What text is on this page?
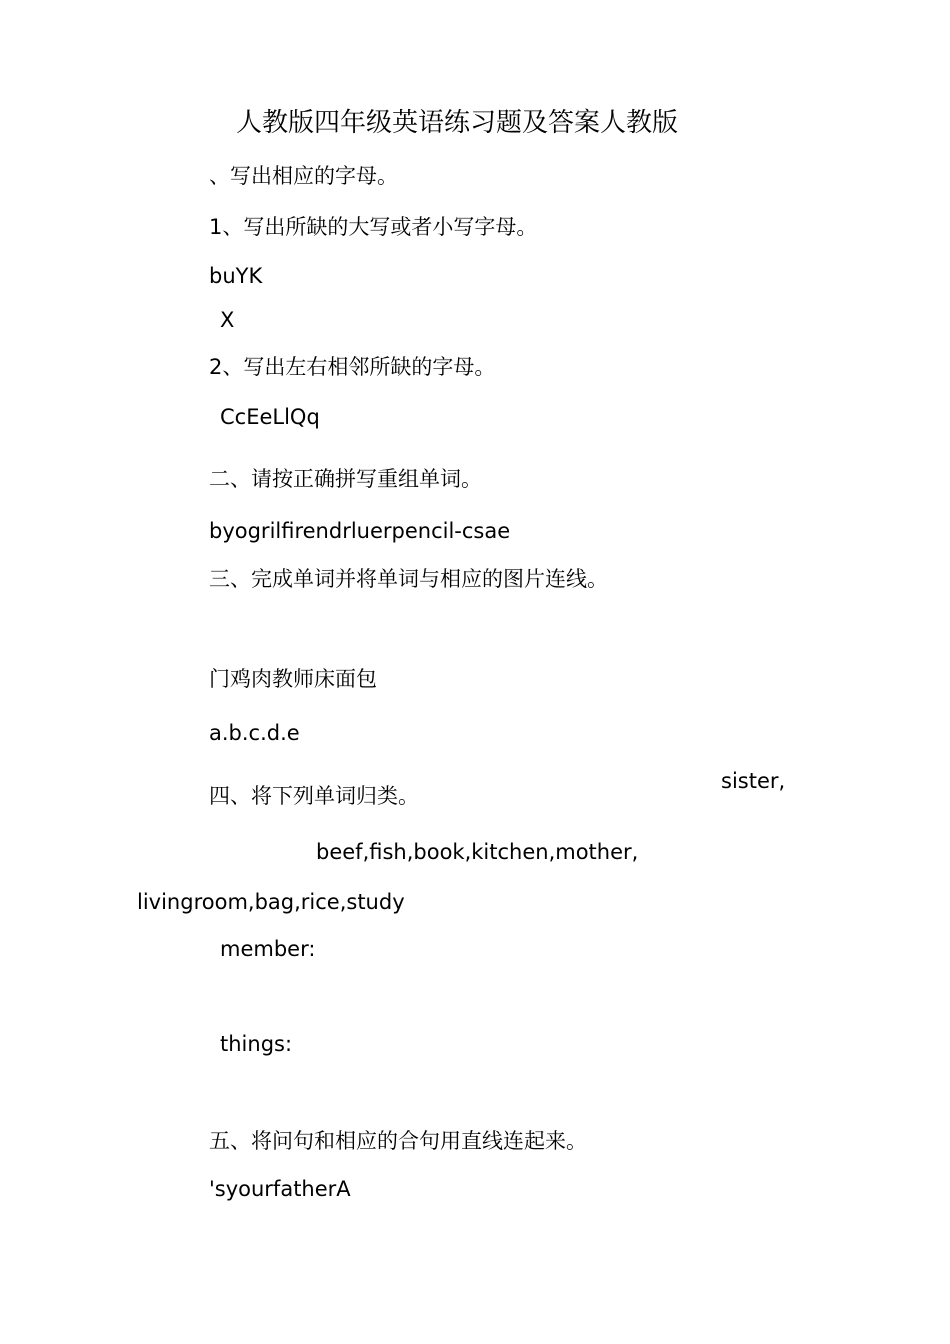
人教版四年级英语练习题及答案人教版
、写出相应的字母。
1、写出所缺的大写或者小写字母。
buYK
X
2、写出左右相邻所缺的字母。
CcEeLlQq
二、请按正确拼写重组单词。
byogrilfirendrluerpencil-csae
三、完成单词并将单词与相应的图片连线。
门鸡肉教师床面包
a.b.c.d.e
sister,
四、将下列单词归类。
beef,fish,book,kitchen,mother,
livingroom,bag,rice,study
member:
things:
五、将问句和相应的合句用直线连起来。
'syourfatherA
